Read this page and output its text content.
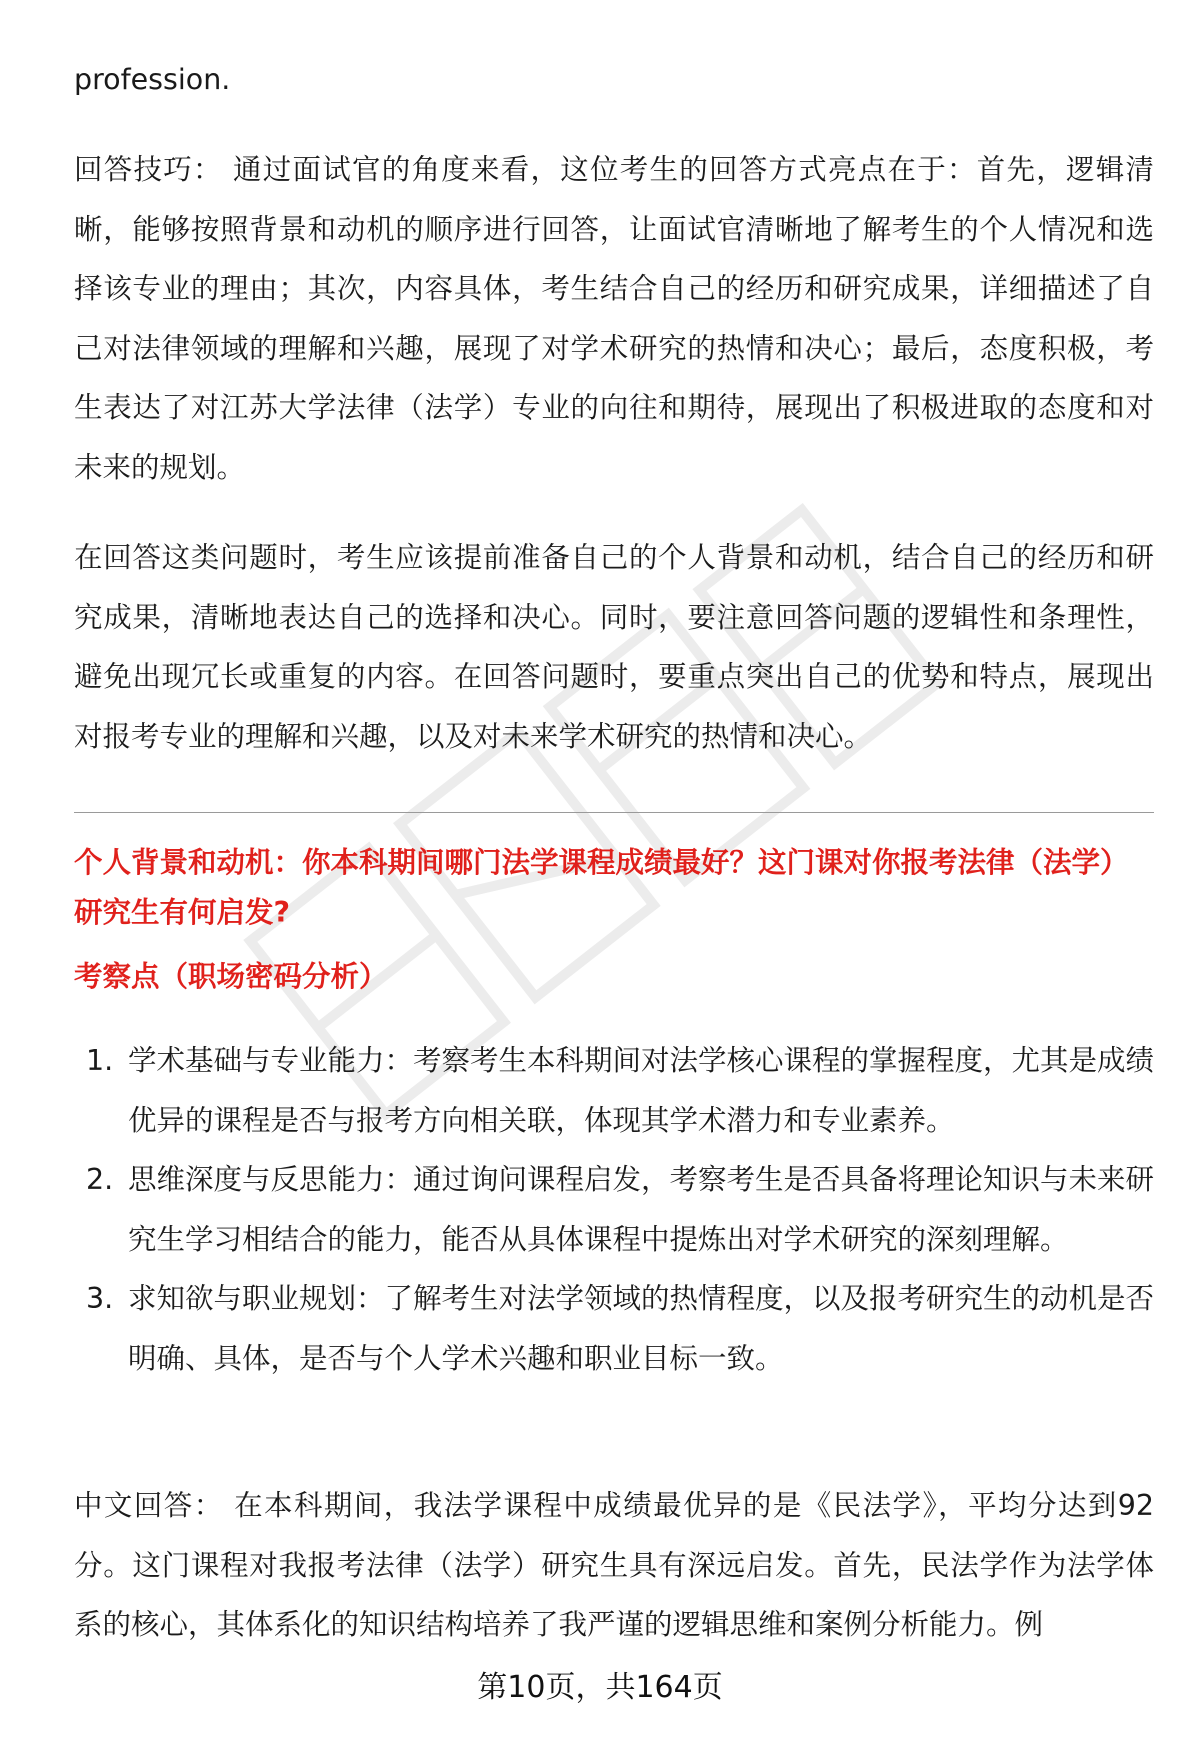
profession.

回答技巧： 通过面试官的角度来看，这位考生的回答方式亮点在于：首先，逻辑清晰，能够按照背景和动机的顺序进行回答，让面试官清晰地了解考生的个人情况和选择该专业的理由；其次，内容具体，考生结合自己的经历和研究成果，详细描述了自己对法律领域的理解和兴趣，展现了对学术研究的热情和决心；最后，态度积极，考生表达了对江苏大学法律（法学）专业的向往和期待，展现出了积极进取的态度和对未来的规划。

在回答这类问题时，考生应该提前准备自己的个人背景和动机，结合自己的经历和研究成果，清晰地表达自己的选择和决心。同时，要注意回答问题的逻辑性和条理性，避免出现冗长或重复的内容。在回答问题时，要重点突出自己的优势和特点，展现出对报考专业的理解和兴趣，以及对未来学术研究的热情和决心。

个人背景和动机：你本科期间哪门法学课程成绩最好？这门课对你报考法律（法学）研究生有何启发?

考察点（职场密码分析）

1. 学术基础与专业能力：考察考生本科期间对法学核心课程的掌握程度，尤其是成绩优异的课程是否与报考方向相关联，体现其学术潜力和专业素养。
2. 思维深度与反思能力：通过询问课程启发，考察考生是否具备将理论知识与未来研究生学习相结合的能力，能否从具体课程中提炼出对学术研究的深刻理解。
3. 求知欲与职业规划：了解考生对法学领域的热情程度，以及报考研究生的动机是否明确、具体，是否与个人学术兴趣和职业目标一致。

中文回答： 在本科期间，我法学课程中成绩最优异的是《民法学》，平均分达到92分。这门课程对我报考法律（法学）研究生具有深远启发。首先，民法学作为法学体系的核心，其体系化的知识结构培养了我严谨的逻辑思维和案例分析能力。例

第10页，共164页
